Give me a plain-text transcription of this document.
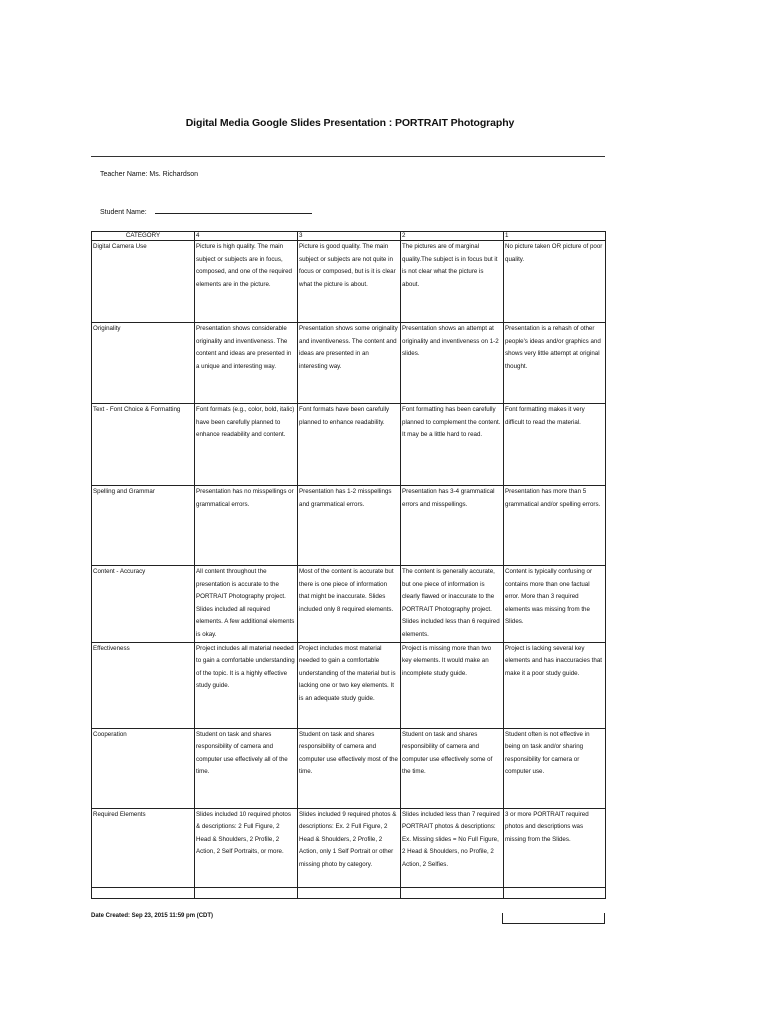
Digital Media Google Slides Presentation : PORTRAIT Photography
Teacher Name: Ms. Richardson
Student Name:
CATEGORY	4	3	2	1
Digital Camera Use	Picture is high quality. The main subject or subjects are in focus, composed, and one of the required elements are in the picture.	Picture is good quality. The main subject or subjects are not quite in focus or composed, but is it is clear what the picture is about.	The pictures are of marginal quality.The subject is in focus but it is not clear what the picture is about.	No picture taken OR picture of poor quality.
Originality	Presentation shows considerable originality and inventiveness. The content and ideas are presented in a unique and interesting way.	Presentation shows some originality and inventiveness. The content and ideas are presented in an interesting way.	Presentation shows an attempt at originality and inventiveness on 1-2 slides.	Presentation is a rehash of other people's ideas and/or graphics and shows very little attempt at original thought.
Text - Font Choice & Formatting	Font formats (e.g., color, bold, italic) have been carefully planned to enhance readability and content.	Font formats have been carefully planned to enhance readability.	Font formatting has been carefully planned to complement the content. It may be a little hard to read.	Font formatting makes it very difficult to read the material.
Spelling and Grammar	Presentation has no misspellings or grammatical errors.	Presentation has 1-2 misspellings and grammatical errors.	Presentation has 3-4 grammatical errors and misspellings.	Presentation has more than 5 grammatical and/or spelling errors.
Content - Accuracy	All content throughout the presentation is accurate to the PORTRAIT Photography project. Slides included all required elements. A few additional elements is okay.	Most of the content is accurate but there is one piece of information that might be inaccurate. Slides included only 8 required elements.	The content is generally accurate, but one piece of information is clearly flawed or inaccurate to the PORTRAIT Photography project. Slides included less than 6 required elements.	Content is typically confusing or contains more than one factual error. More than 3 required elements was missing from the Slides.
Effectiveness	Project includes all material needed to gain a comfortable understanding of the topic. It is a highly effective study guide.	Project includes most material needed to gain a comfortable understanding of the material but is lacking one or two key elements. It is an adequate study guide.	Project is missing more than two key elements. It would make an incomplete study guide.	Project is lacking several key elements and has inaccuracies that make it a poor study guide.
Cooperation	Student on task and shares responsibility of camera and computer use effectively all of the time.	Student on task and shares responsibility of camera and computer use effectively most of the time.	Student on task and shares responsibility of camera and computer use effectively some of the time.	Student often is not effective in being on task and/or sharing responsibility for camera or computer use.
Required Elements	Slides included 10 required photos & descriptions: 2 Full Figure, 2 Head & Shoulders, 2 Profile, 2 Action, 2 Self Portraits, or more.	Slides included 9 required photos & descriptions: Ex. 2 Full Figure, 2 Head & Shoulders, 2 Profile, 2 Action, only 1 Self Portrait or other missing photo by category.	Slides included less than 7 required PORTRAIT photos & descriptions: Ex. Missing slides = No Full Figure, 2 Head & Shoulders, no Profile, 2 Action, 2 Selfies.	3 or more PORTRAIT required photos and descriptions was missing from the Slides.

Date Created: Sep 23, 2015 11:59 pm (CDT)
